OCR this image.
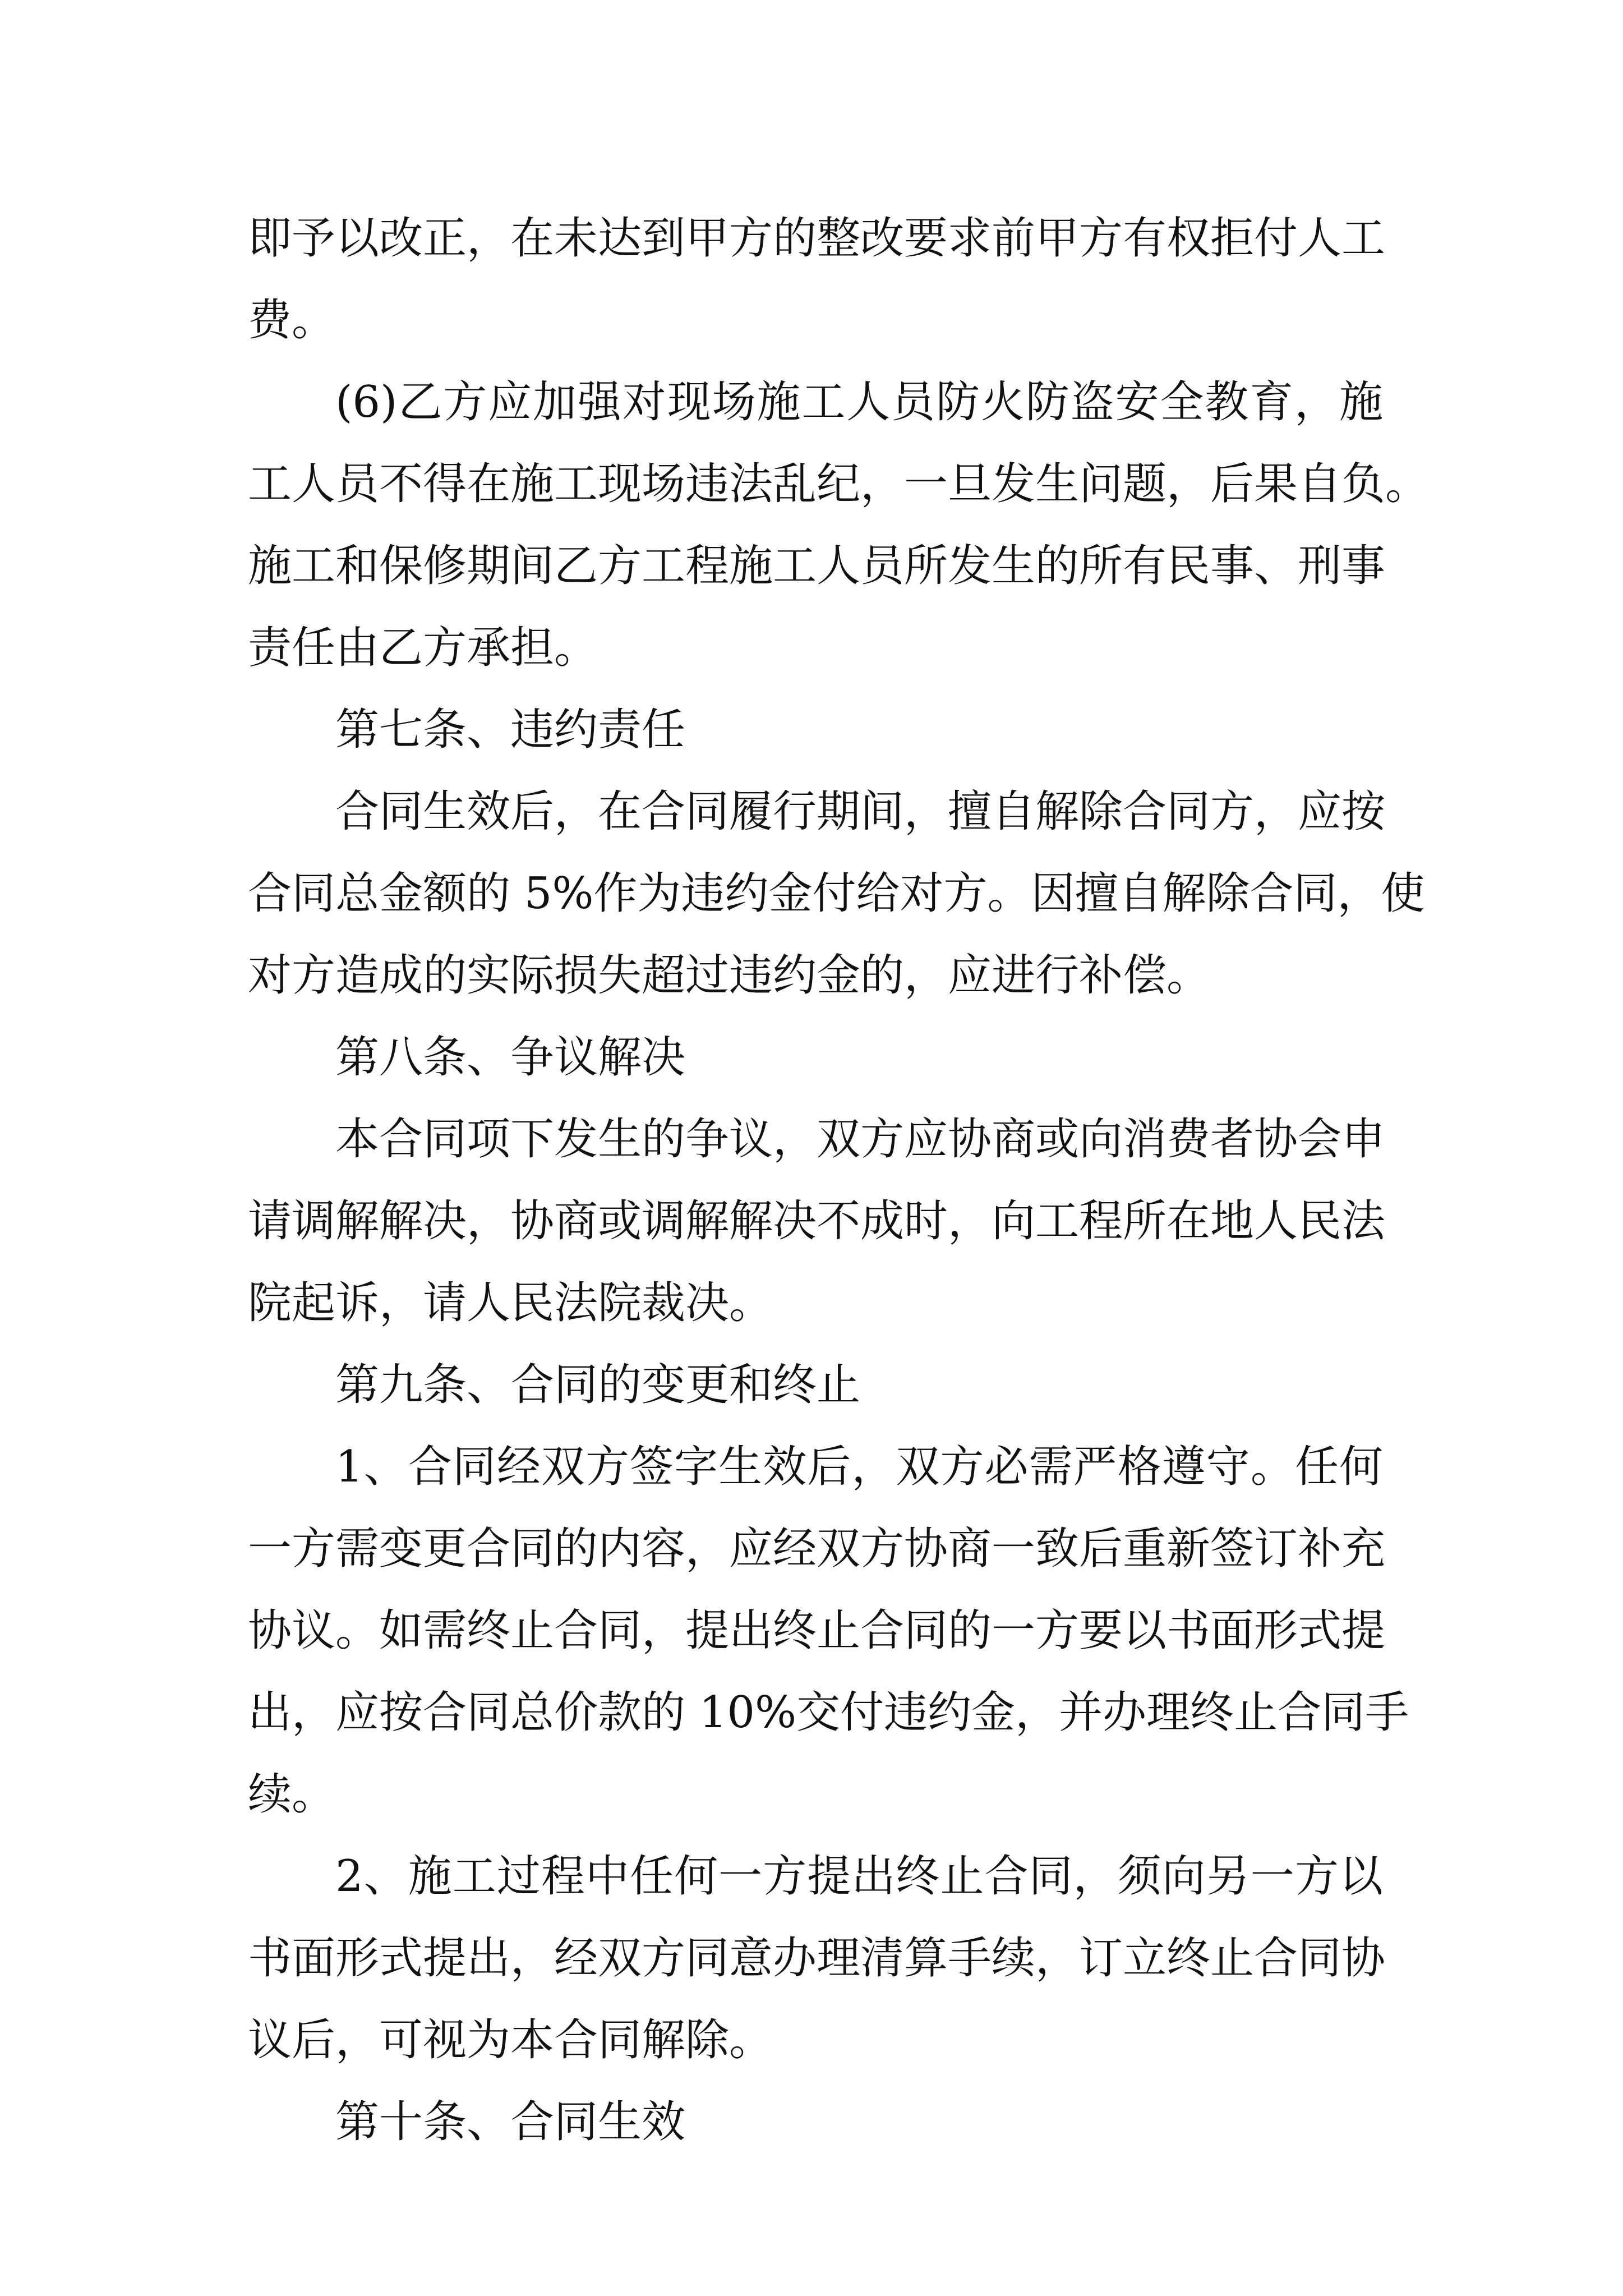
即予以改正，在未达到甲方的整改要求前甲方有权拒付人工
费。
(6)乙方应加强对现场施工人员防火防盗安全教育，施
工人员不得在施工现场违法乱纪，一旦发生问题，后果自负。
施工和保修期间乙方工程施工人员所发生的所有民事、刑事
责任由乙方承担。
第七条、违约责任
合同生效后，在合同履行期间，擅自解除合同方，应按
合同总金额的 5%作为违约金付给对方。因擅自解除合同，使
对方造成的实际损失超过违约金的，应进行补偿。
第八条、争议解决
本合同项下发生的争议，双方应协商或向消费者协会申
请调解解决，协商或调解解决不成时，向工程所在地人民法
院起诉，请人民法院裁决。
第九条、合同的变更和终止
1、合同经双方签字生效后，双方必需严格遵守。任何
一方需变更合同的内容，应经双方协商一致后重新签订补充
协议。如需终止合同，提出终止合同的一方要以书面形式提
出，应按合同总价款的 10%交付违约金，并办理终止合同手
续。
2、施工过程中任何一方提出终止合同，须向另一方以
书面形式提出，经双方同意办理清算手续，订立终止合同协
议后，可视为本合同解除。
第十条、合同生效
